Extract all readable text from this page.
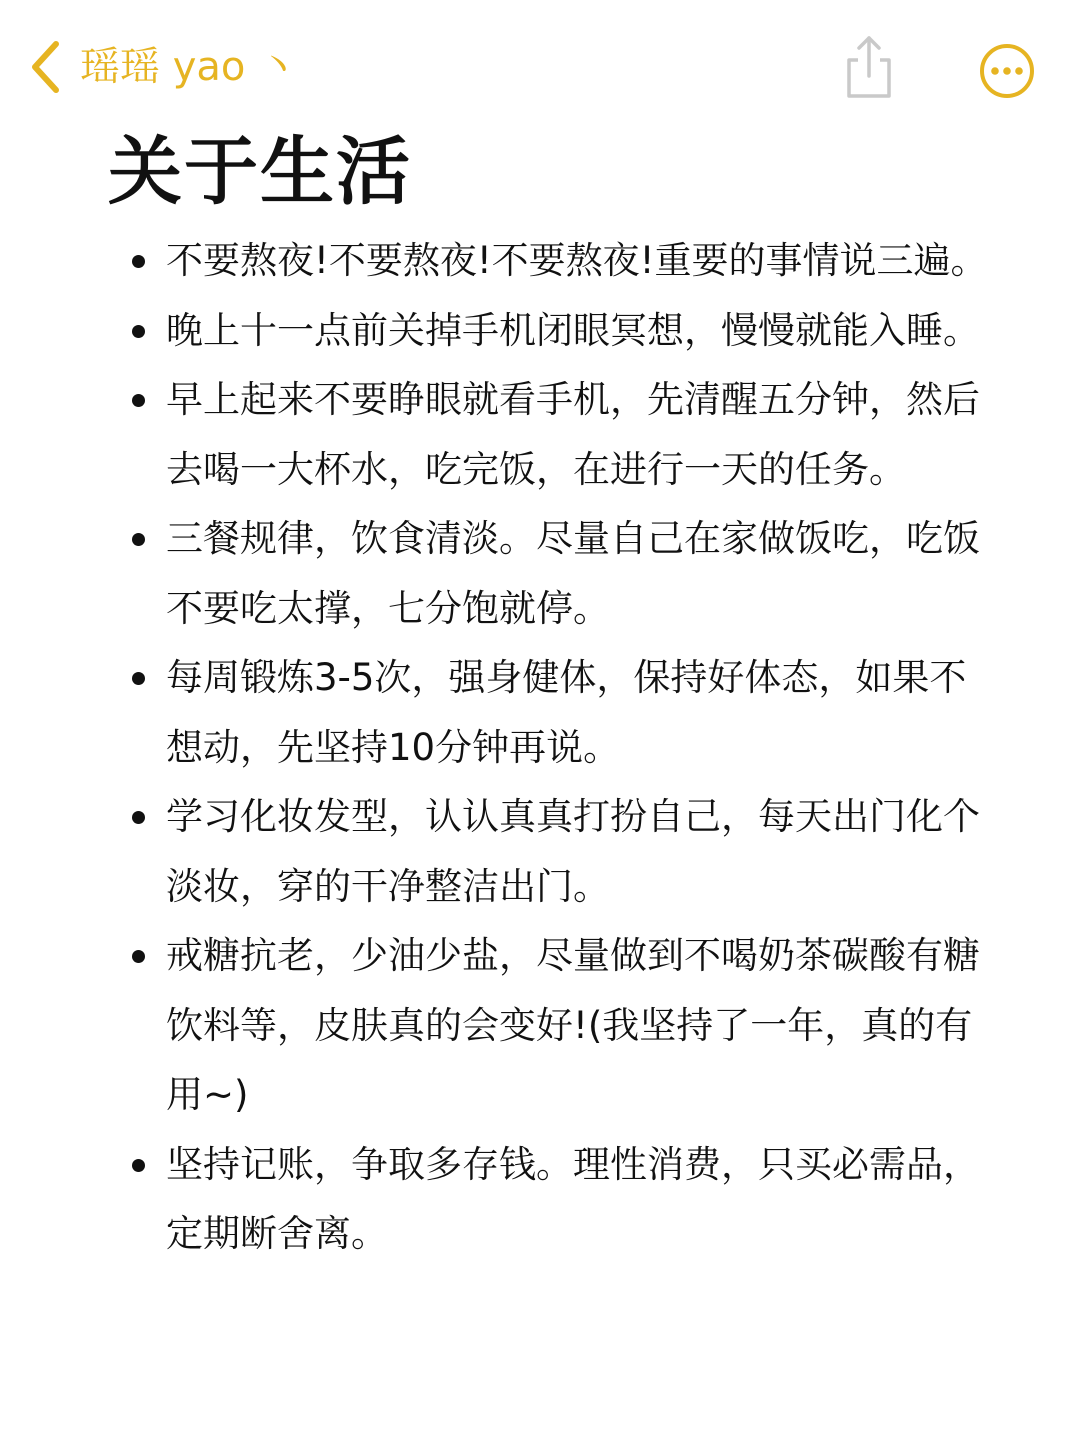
瑶瑶 yao 丶
关于生活
不要熬夜!不要熬夜!不要熬夜!重要的事情说三遍。
晚上十一点前关掉手机闭眼冥想，慢慢就能入睡。
早上起来不要睁眼就看手机，先清醒五分钟，然后去喝一大杯水，吃完饭，在进行一天的任务。
三餐规律，饮食清淡。尽量自己在家做饭吃，吃饭不要吃太撑，七分饱就停。
每周锻炼3-5次，强身健体，保持好体态，如果不想动，先坚持10分钟再说。
学习化妆发型，认认真真打扮自己，每天出门化个淡妆，穿的干净整洁出门。
戒糖抗老，少油少盐，尽量做到不喝奶茶碳酸有糖饮料等，皮肤真的会变好!(我坚持了一年，真的有用~)
坚持记账，争取多存钱。理性消费，只买必需品，定期断舍离。
